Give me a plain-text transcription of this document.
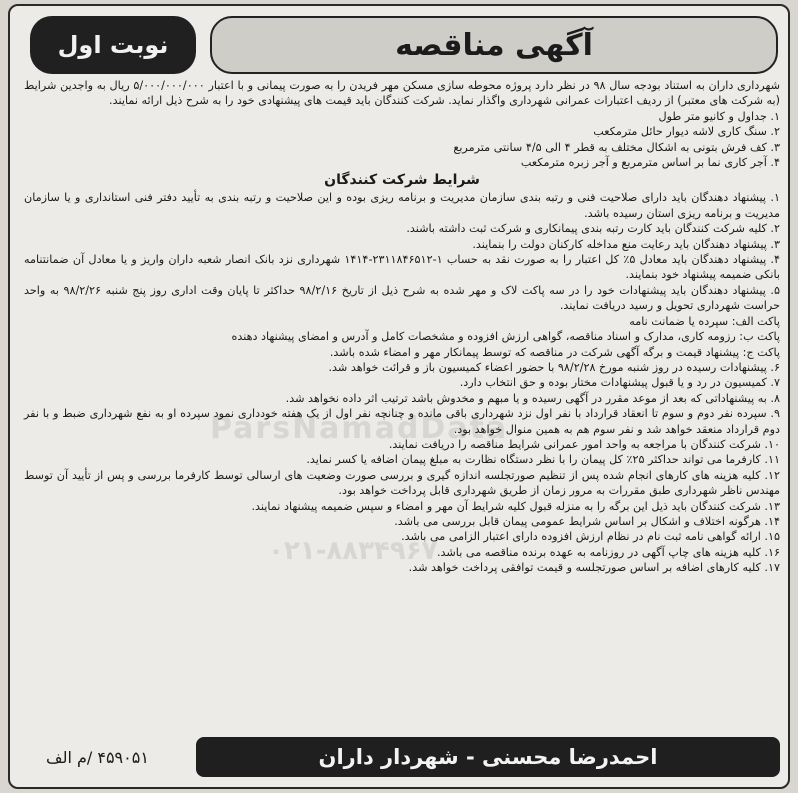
نوبت اول	آگهی مناقصه
ParsNamadData
۰۲۱-۸۸۳۴۹۶۷

شهرداری داران به استناد بودجه سال ۹۸ در نظر دارد پروژه محوطه سازی مسکن مهر فریدن را به صورت پیمانی و با اعتبار ۵/۰۰۰/۰۰۰/۰۰۰ ریال به واجدین شرایط (به شرکت های معتبر) از ردیف اعتبارات عمرانی شهرداری واگذار نماید. شرکت کنندگان باید قیمت های پیشنهادی خود را به شرح ذیل ارائه نمایند.

۱. جداول و کانیو متر طول

۲. سنگ کاری لاشه دیوار حائل مترمکعب

۳. کف فرش بتونی به اشکال مختلف به قطر ۴ الی ۴/۵ سانتی مترمربع

۴. آجر کاری نما بر اساس مترمربع و آجر زبره مترمکعب

شرایط شرکت کنندگان

۱. پیشنهاد دهندگان باید دارای صلاحیت فنی و رتبه بندی سازمان مدیریت و برنامه ریزی بوده و این صلاحیت و رتبه بندی به تأیید دفتر فنی استانداری و یا سازمان مدیریت و برنامه ریزی استان رسیده باشد.

۲. کلیه شرکت کنندگان باید کارت رتبه بندی پیمانکاری و شرکت ثبت داشته باشند.

۳. پیشنهاد دهندگان باید رعایت منع مداخله کارکنان دولت را بنمایند.

۴. پیشنهاد دهندگان باید معادل ۵٪ کل اعتبار را به صورت نقد به حساب ۱-۲۳۱۱۸۴۶۵۱۲-۱۴۱۴ شهرداری نزد بانک انصار شعبه داران واریز و یا معادل آن ضمانتنامه بانکی ضمیمه پیشنهاد خود بنمایند.

۵. پیشنهاد دهندگان باید پیشنهادات خود را در سه پاکت لاک و مهر شده به شرح ذیل از تاریخ ۹۸/۲/۱۶ حداکثر تا پایان وقت اداری روز پنج شنبه ۹۸/۲/۲۶ به واحد حراست شهرداری تحویل و رسید دریافت نمایند.

پاکت الف: سپرده یا ضمانت نامه

پاکت ب: رزومه کاری، مدارک و اسناد مناقصه، گواهی ارزش افزوده و مشخصات کامل و آدرس و امضای پیشنهاد دهنده

پاکت ج: پیشنهاد قیمت و برگه آگهی شرکت در مناقصه که توسط پیمانکار مهر و امضاء شده باشد.

۶. پیشنهادات رسیده در روز شنبه مورخ ۹۸/۲/۲۸ با حضور اعضاء کمیسیون باز و قرائت خواهد شد.

۷. کمیسیون در رد و یا قبول پیشنهادات مختار بوده و حق انتخاب دارد.

۸. به پیشنهاداتی که بعد از موعد مقرر در آگهی رسیده و یا مبهم و مخدوش باشد ترتیب اثر داده نخواهد شد.

۹. سپرده نفر دوم و سوم تا انعقاد قرارداد با نفر اول نزد شهرداری باقی مانده و چنانچه نفر اول از یک هفته خودداری نمود سپرده او به نفع شهرداری ضبط و با نفر دوم قرارداد منعقد خواهد شد و نفر سوم هم به همین منوال خواهد بود.

۱۰. شرکت کنندگان با مراجعه به واحد امور عمرانی شرایط مناقصه را دریافت نمایند.

۱۱. کارفرما می تواند حداکثر ۲۵٪ کل پیمان را با نظر دستگاه نظارت به مبلغ پیمان اضافه یا کسر نماید.

۱۲. کلیه هزینه های کارهای انجام شده پس از تنظیم صورتجلسه اندازه گیری و بررسی صورت وضعیت های ارسالی توسط کارفرما بررسی و پس از تأیید آن توسط مهندس ناظر شهرداری طبق مقررات به مرور زمان از طریق شهرداری قابل پرداخت خواهد بود.

۱۳. شرکت کنندگان باید ذیل این برگه را به منزله قبول کلیه شرایط آن مهر و امضاء و سپس ضمیمه پیشنهاد نمایند.

۱۴. هرگونه اختلاف و اشکال بر اساس شرایط عمومی پیمان قابل بررسی می باشد.

۱۵. ارائه گواهی نامه ثبت نام در نظام ارزش افزوده دارای اعتبار الزامی می باشد.

۱۶. کلیه هزینه های چاپ آگهی در روزنامه به عهده برنده مناقصه می باشد.

۱۷. کلیه کارهای اضافه بر اساس صورتجلسه و قیمت توافقی پرداخت خواهد شد.

۴۵۹۰۵۱ /م الف	احمدرضا محسنی - شهردار داران
